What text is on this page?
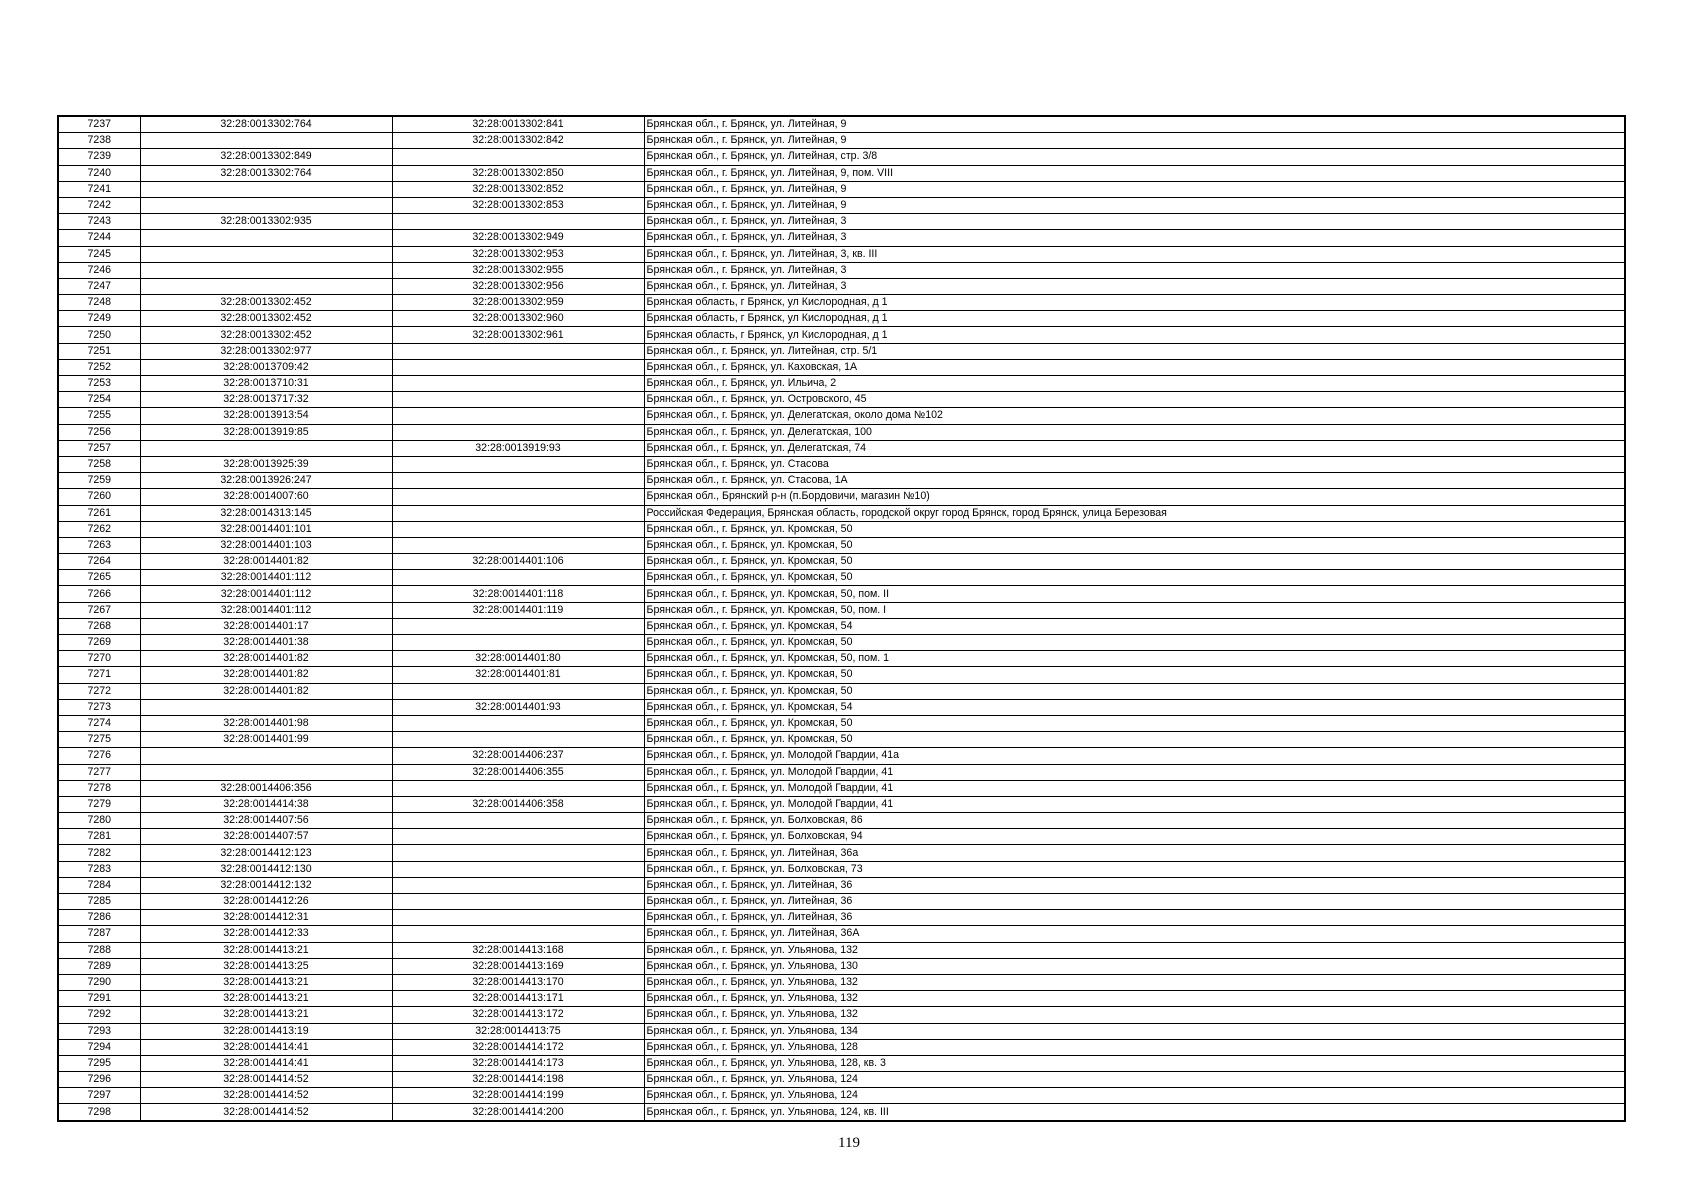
7237	32:28:0013302:764	32:28:0013302:841	Брянская обл., г. Брянск, ул. Литейная, 9
7238		32:28:0013302:842	Брянская обл., г. Брянск, ул. Литейная, 9
7239	32:28:0013302:849		Брянская обл., г. Брянск, ул. Литейная, стр. 3/8
7240	32:28:0013302:764	32:28:0013302:850	Брянская обл., г. Брянск, ул. Литейная, 9, пом. VIII
7241		32:28:0013302:852	Брянская обл., г. Брянск, ул. Литейная, 9
7242		32:28:0013302:853	Брянская обл., г. Брянск, ул. Литейная, 9
7243	32:28:0013302:935		Брянская обл., г. Брянск, ул. Литейная, 3
7244		32:28:0013302:949	Брянская обл., г. Брянск, ул. Литейная, 3
7245		32:28:0013302:953	Брянская обл., г. Брянск, ул. Литейная, 3, кв. III
7246		32:28:0013302:955	Брянская обл., г. Брянск, ул. Литейная, 3
7247		32:28:0013302:956	Брянская обл., г. Брянск, ул. Литейная, 3
7248	32:28:0013302:452	32:28:0013302:959	Брянская область, г Брянск, ул Кислородная, д 1
7249	32:28:0013302:452	32:28:0013302:960	Брянская область, г Брянск, ул Кислородная, д 1
7250	32:28:0013302:452	32:28:0013302:961	Брянская область, г Брянск, ул Кислородная, д 1
7251	32:28:0013302:977		Брянская обл., г. Брянск, ул. Литейная, стр. 5/1
7252	32:28:0013709:42		Брянская обл., г. Брянск, ул. Каховская, 1А
7253	32:28:0013710:31		Брянская обл., г. Брянск, ул. Ильича, 2
7254	32:28:0013717:32		Брянская обл., г. Брянск, ул. Островского, 45
7255	32:28:0013913:54		Брянская обл., г. Брянск, ул. Делегатская, около дома №102
7256	32:28:0013919:85		Брянская обл., г. Брянск, ул. Делегатская, 100
7257		32:28:0013919:93	Брянская обл., г. Брянск, ул. Делегатская, 74
7258	32:28:0013925:39		Брянская обл., г. Брянск, ул. Стасова
7259	32:28:0013926:247		Брянская обл., г. Брянск, ул. Стасова, 1А
7260	32:28:0014007:60		Брянская обл., Брянский р-н (п.Бордовичи, магазин №10)
7261	32:28:0014313:145		Российская Федерация, Брянская область, городской округ город Брянск, город Брянск, улица Березовая
7262	32:28:0014401:101		Брянская обл., г. Брянск, ул. Кромская, 50
7263	32:28:0014401:103		Брянская обл., г. Брянск, ул. Кромская, 50
7264	32:28:0014401:82	32:28:0014401:106	Брянская обл., г. Брянск, ул. Кромская, 50
7265	32:28:0014401:112		Брянская обл., г. Брянск, ул. Кромская, 50
7266	32:28:0014401:112	32:28:0014401:118	Брянская обл., г. Брянск, ул. Кромская, 50, пом. II
7267	32:28:0014401:112	32:28:0014401:119	Брянская обл., г. Брянск, ул. Кромская, 50, пом. I
7268	32:28:0014401:17		Брянская обл., г. Брянск, ул. Кромская, 54
7269	32:28:0014401:38		Брянская обл., г. Брянск, ул. Кромская, 50
7270	32:28:0014401:82	32:28:0014401:80	Брянская обл., г. Брянск, ул. Кромская, 50, пом. 1
7271	32:28:0014401:82	32:28:0014401:81	Брянская обл., г. Брянск, ул. Кромская, 50
7272	32:28:0014401:82		Брянская обл., г. Брянск, ул. Кромская, 50
7273		32:28:0014401:93	Брянская обл., г. Брянск, ул. Кромская, 54
7274	32:28:0014401:98		Брянская обл., г. Брянск, ул. Кромская, 50
7275	32:28:0014401:99		Брянская обл., г. Брянск, ул. Кромская, 50
7276		32:28:0014406:237	Брянская обл., г. Брянск, ул. Молодой Гвардии, 41а
7277		32:28:0014406:355	Брянская обл., г. Брянск, ул. Молодой Гвардии, 41
7278	32:28:0014406:356		Брянская обл., г. Брянск, ул. Молодой Гвардии, 41
7279	32:28:0014414:38	32:28:0014406:358	Брянская обл., г. Брянск, ул. Молодой Гвардии, 41
7280	32:28:0014407:56		Брянская обл., г. Брянск, ул. Болховская, 86
7281	32:28:0014407:57		Брянская обл., г. Брянск, ул. Болховская, 94
7282	32:28:0014412:123		Брянская обл., г. Брянск, ул. Литейная, 36а
7283	32:28:0014412:130		Брянская обл., г. Брянск, ул. Болховская, 73
7284	32:28:0014412:132		Брянская обл., г. Брянск, ул. Литейная, 36
7285	32:28:0014412:26		Брянская обл., г. Брянск, ул. Литейная, 36
7286	32:28:0014412:31		Брянская обл., г. Брянск, ул. Литейная, 36
7287	32:28:0014412:33		Брянская обл., г. Брянск, ул. Литейная, 36А
7288	32:28:0014413:21	32:28:0014413:168	Брянская обл., г. Брянск, ул. Ульянова, 132
7289	32:28:0014413:25	32:28:0014413:169	Брянская обл., г. Брянск, ул. Ульянова, 130
7290	32:28:0014413:21	32:28:0014413:170	Брянская обл., г. Брянск, ул. Ульянова, 132
7291	32:28:0014413:21	32:28:0014413:171	Брянская обл., г. Брянск, ул. Ульянова, 132
7292	32:28:0014413:21	32:28:0014413:172	Брянская обл., г. Брянск, ул. Ульянова, 132
7293	32:28:0014413:19	32:28:0014413:75	Брянская обл., г. Брянск, ул. Ульянова, 134
7294	32:28:0014414:41	32:28:0014414:172	Брянская обл., г. Брянск, ул. Ульянова, 128
7295	32:28:0014414:41	32:28:0014414:173	Брянская обл., г. Брянск, ул. Ульянова, 128, кв. 3
7296	32:28:0014414:52	32:28:0014414:198	Брянская обл., г. Брянск, ул. Ульянова, 124
7297	32:28:0014414:52	32:28:0014414:199	Брянская обл., г. Брянск, ул. Ульянова, 124
7298	32:28:0014414:52	32:28:0014414:200	Брянская обл., г. Брянск, ул. Ульянова, 124, кв. III
119
